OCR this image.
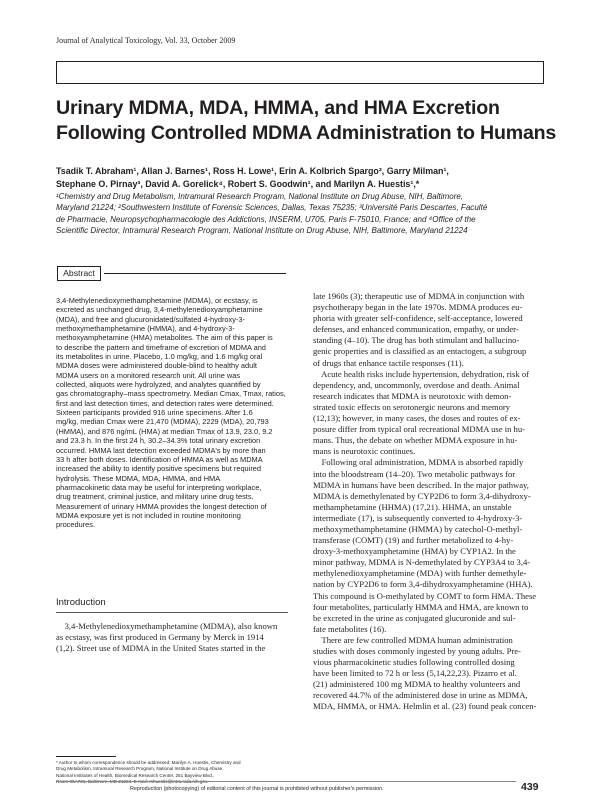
Journal of Analytical Toxicology, Vol. 33, October 2009
Urinary MDMA, MDA, HMMA, and HMA Excretion
Following Controlled MDMA Administration to Humans
Tsadik T. Abraham¹, Allan J. Barnes¹, Ross H. Lowe¹, Erin A. Kolbrich Spargo², Garry Milman¹,
Stephane O. Pirnay³, David A. Gorelick⁴, Robert S. Goodwin¹, and Marilyn A. Huestis¹,*
¹Chemistry and Drug Metabolism, Intramural Research Program, National Institute on Drug Abuse, NIH, Baltimore,
Maryland 21224; ²Southwestern Institute of Forensic Sciences, Dallas, Texas 75235; ³Université Paris Descartes, Faculté
de Pharmacie, Neuropsychopharmacologie des Addictions, INSERM, U705, Paris F-75010, France; and ⁴Office of the
Scientific Director, Intramural Research Program, National Institute on Drug Abuse, NIH, Baltimore, Maryland 21224
Abstract
3,4-Methylenedioxymethamphetamine (MDMA), or ecstasy, is
excreted as unchanged drug, 3,4-methylenedioxyamphetamine
(MDA), and free and glucuronidated/sulfated 4-hydroxy-3-
methoxymethamphetamine (HMMA), and 4-hydroxy-3-
methoxyamphetamine (HMA) metabolites. The aim of this paper is
to describe the pattern and timeframe of excretion of MDMA and
its metabolites in urine. Placebo, 1.0 mg/kg, and 1.6 mg/kg oral
MDMA doses were administered double-blind to healthy adult
MDMA users on a monitored research unit. All urine was
collected, aliquots were hydrolyzed, and analytes quantified by
gas chromatography–mass spectrometry. Median Cmax, Tmax, ratios,
first and last detection times, and detection rates were determined.
Sixteen participants provided 916 urine specimens. After 1.6
mg/kg, median Cmax were 21,470 (MDMA), 2229 (MDA), 20,793
(HMMA), and 876 ng/mL (HMA) at median Tmax of 13.9, 23.0, 9.2
and 23.3 h. In the first 24 h, 30.2–34.3% total urinary excretion
occurred. HMMA last detection exceeded MDMA's by more than
33 h after both doses. Identification of HMMA as well as MDMA
increased the ability to identify positive specimens but required
hydrolysis. These MDMA, MDA, HMMA, and HMA
pharmacokinetic data may be useful for interpreting workplace,
drug treatment, criminal justice, and military urine drug tests.
Measurement of urinary HMMA provides the longest detection of
MDMA exposure yet is not included in routine monitoring
procedures.
Introduction
3,4-Methylenedioxymethamphetamine (MDMA), also known
as ecstasy, was first produced in Germany by Merck in 1914
(1,2). Street use of MDMA in the United States started in the
late 1960s (3); therapeutic use of MDMA in conjunction with
psychotherapy began in the late 1970s. MDMA produces eu-
phoria with greater self-confidence, self-acceptance, lowered
defenses, and enhanced communication, empathy, or under-
standing (4–10). The drug has both stimulant and hallucino-
genic properties and is classified as an entactogen, a subgroup
of drugs that enhance tactile responses (11).
Acute health risks include hypertension, dehydration, risk of
dependency, and, uncommonly, overdose and death. Animal
research indicates that MDMA is neurotoxic with demon-
strated toxic effects on serotonergic neurons and memory
(12,13); however, in many cases, the doses and routes of ex-
posure differ from typical oral recreational MDMA use in hu-
mans. Thus, the debate on whether MDMA exposure in hu-
mans is neurotoxic continues.
Following oral administration, MDMA is absorbed rapidly
into the bloodstream (14–20). Two metabolic pathways for
MDMA in humans have been described. In the major pathway,
MDMA is demethylenated by CYP2D6 to form 3,4-dihydroxy-
methamphetamine (HHMA) (17,21). HHMA, an unstable
intermediate (17), is subsequently converted to 4-hydroxy-3-
methoxymethamphetamine (HMMA) by catechol-O-methyl-
transferase (COMT) (19) and further metabolized to 4-hy-
droxy-3-methoxyamphetamine (HMA) by CYP1A2. In the
minor pathway, MDMA is N-demethylated by CYP3A4 to 3,4-
methylenedioxyamphetamine (MDA) with further demethyle-
nation by CYP2D6 to form 3,4-dihydroxyamphetamine (HHA).
This compound is O-methylated by COMT to form HMA. These
four metabolites, particularly HMMA and HMA, are known to
be excreted in the urine as conjugated glucuronide and sul-
fate metabolites (16).
There are few controlled MDMA human administration
studies with doses commonly ingested by young adults. Pre-
vious pharmacokinetic studies following controlled dosing
have been limited to 72 h or less (5,14,22,23). Pizarro et al.
(21) administered 100 mg MDMA to healthy volunteers and
recovered 44.7% of the administered dose in urine as MDMA,
MDA, HMMA, or HMA. Helmlin et al. (23) found peak concen-
* Author to whom correspondence should be addressed: Marilyn A. Huestis, Chemistry and
Drug Metabolism, Intramural Research Program, National Institute on Drug Abuse,
National Institutes of Health, Biomedical Research Center, 251 Bayview Blvd.,
Room 05A721, Baltimore, MD 21224. E-mail: mhuestis@intra.nida.nih.gov.
Reproduction (photocopying) of editorial content of this journal is prohibited without publisher's permission.	439
